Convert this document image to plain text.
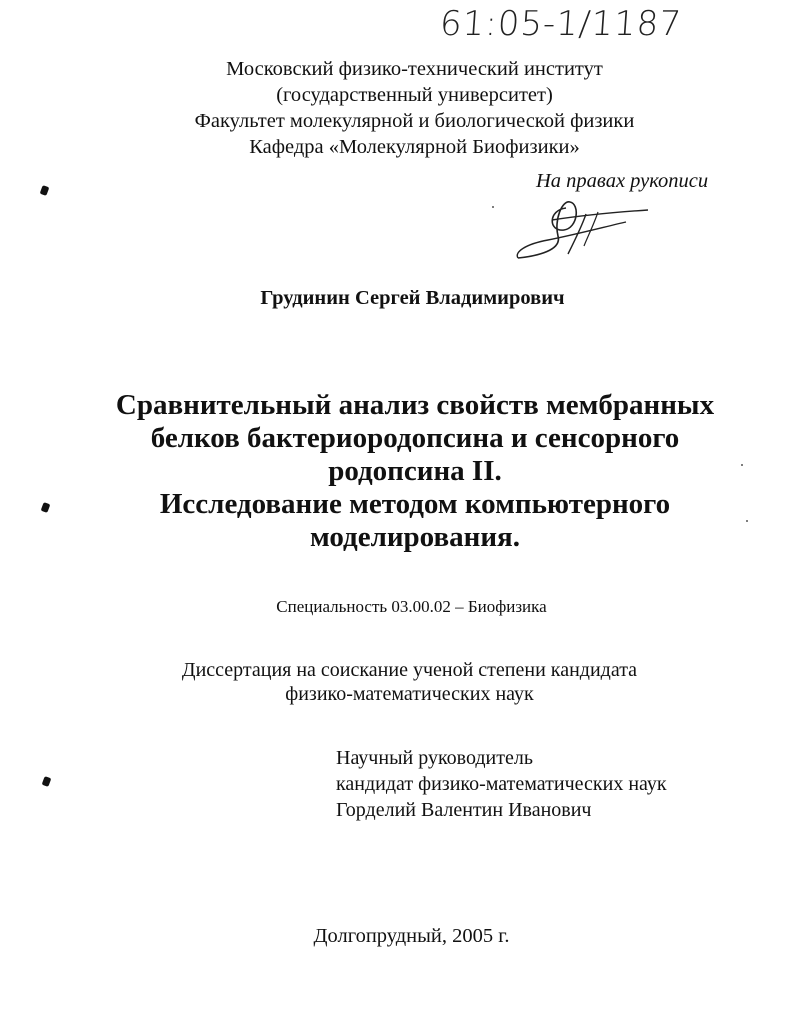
61:05-1/1187
Московский физико-технический институт
(государственный университет)
Факультет молекулярной и биологической физики
Кафедра «Молекулярной Биофизики»
На правах рукописи
Грудинин Сергей Владимирович
Сравнительный анализ свойств мембранных
белков бактериородопсина и сенсорного
родопсина II.
Исследование методом компьютерного
моделирования.
Специальность 03.00.02 – Биофизика
Диссертация на соискание ученой степени кандидата
физико-математических наук
Научный руководитель
кандидат физико-математических наук
Горделий Валентин Иванович
Долгопрудный, 2005 г.
